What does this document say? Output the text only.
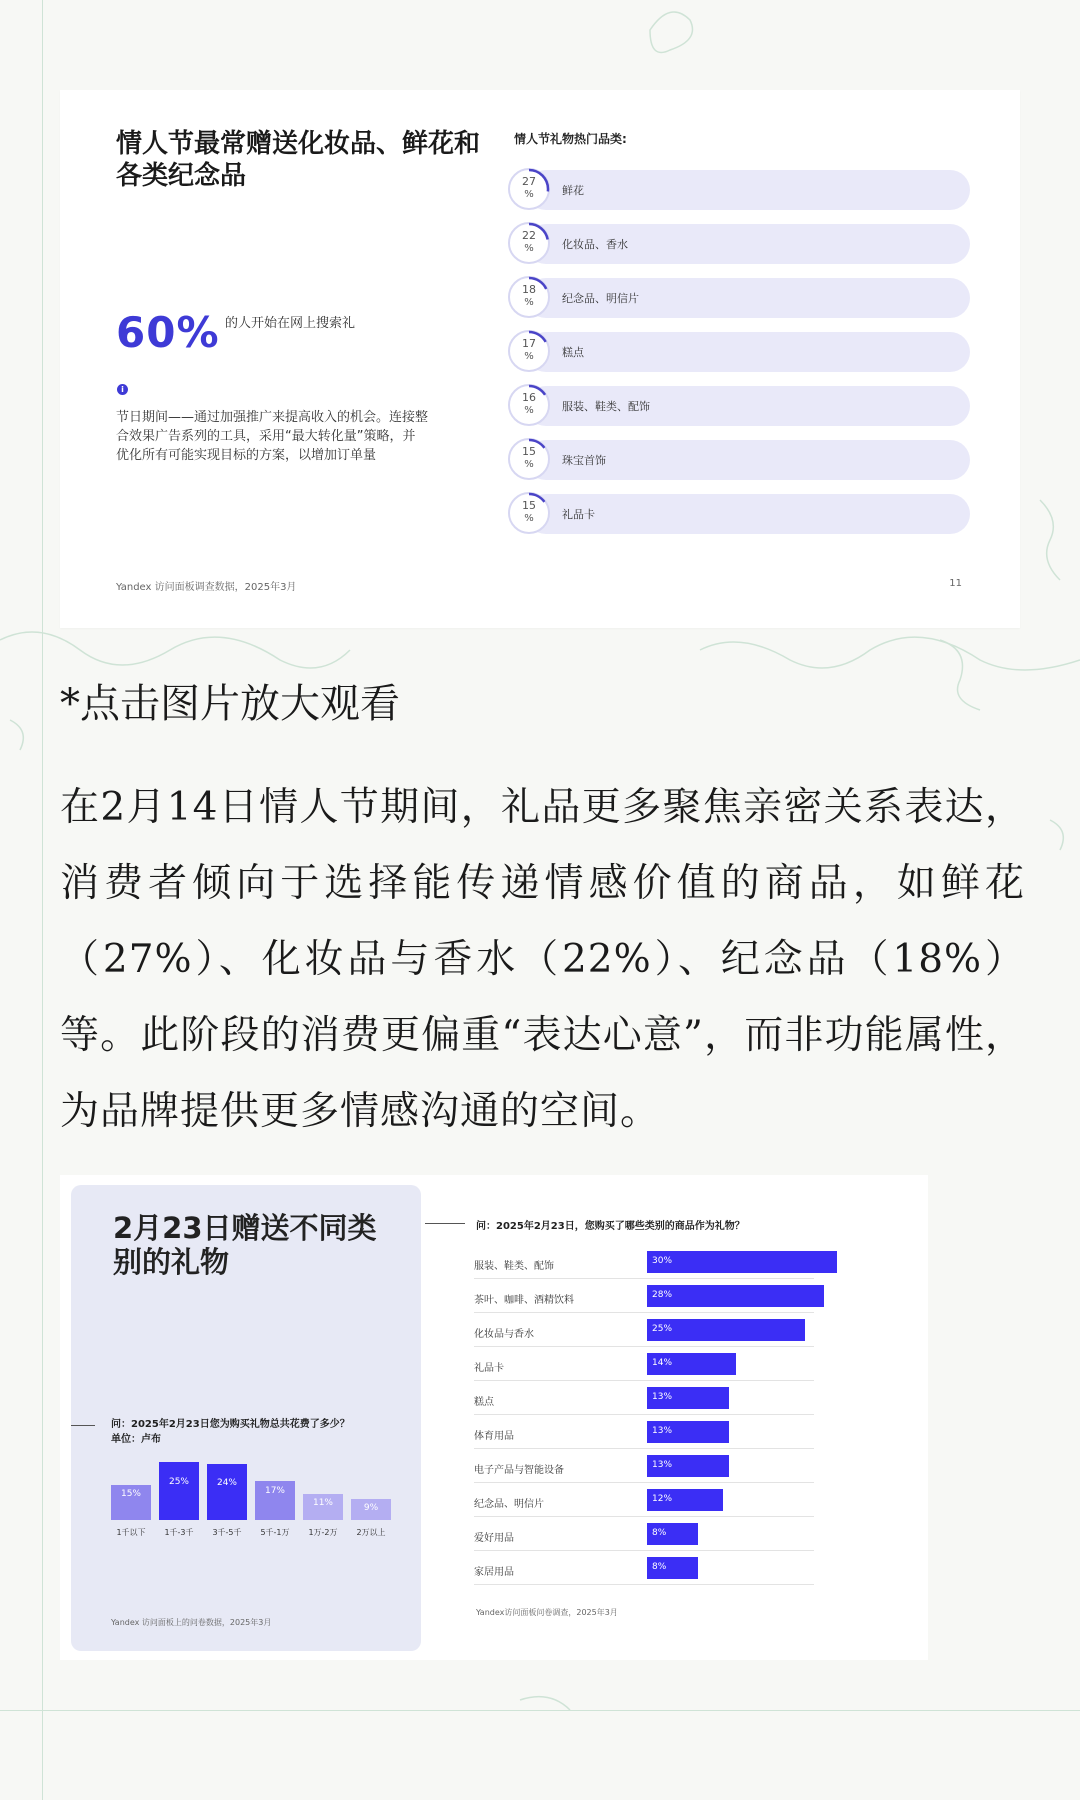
情人节最常赠送化妆品、鲜花和各类纪念品
60% 的人开始在网上搜索礼
i
节日期间——通过加强推广来提高收入的机会。连接整合效果广告系列的工具，采用“最大转化量”策略，并优化所有可能实现目标的方案，以增加订单量
情人节礼物热门品类:
27
%	鲜花
22
%	化妆品、香水
18
%	纪念品、明信片
17
%	糕点
16
%	服装、鞋类、配饰
15
%	珠宝首饰
15
%	礼品卡
Yandex 访问面板调查数据，2025年3月	11
*点击图片放大观看
在2月14日情人节期间，礼品更多聚焦亲密关系表达，消费者倾向于选择能传递情感价值的商品，如鲜花（27%）、化妆品与香水（22%）、纪念品（18%）等。此阶段的消费更偏重“表达心意”，而非功能属性，为品牌提供更多情感沟通的空间。
2月23日赠送不同类别的礼物
问：2025年2月23日您为购买礼物总共花费了多少？
单位：卢布
15%
25%	24%
17%
11%	9%
1千以下	1千-3千	3千-5千	5千-1万	1万-2万	2万以上
Yandex 访问面板上的问卷数据，2025年3月
问：2025年2月23日，您购买了哪些类别的商品作为礼物？
服装、鞋类、配饰	30%
茶叶、咖啡、酒精饮料	28%
化妆品与香水	25%
礼品卡	14%
糕点	13%
体育用品	13%
电子产品与智能设备	13%
纪念品、明信片	12%
爱好用品	8%
家居用品	8%
Yandex访问面板问卷调查，2025年3月
